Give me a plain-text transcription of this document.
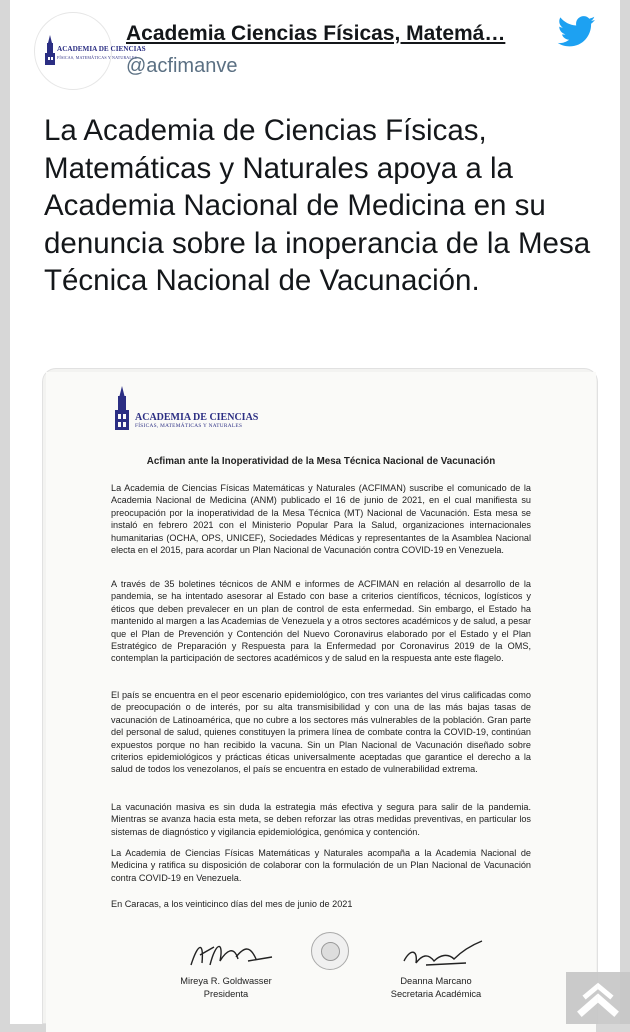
ACADEMIA DE CIENCIAS
FÍSICAS, MATEMÁTICAS Y NATURALES
Academia Ciencias Físicas, Matemá…
@acfimanve
La Academia de Ciencias Físicas, Matemáticas y Naturales apoya a la Academia Nacional de Medicina en su denuncia sobre la inoperancia de la Mesa Técnica Nacional de Vacunación.
ACADEMIA DE CIENCIAS
FÍSICAS, MATEMÁTICAS Y NATURALES
Acfiman ante la Inoperatividad de la Mesa Técnica Nacional de Vacunación

La Academia de Ciencias Físicas Matemáticas y Naturales (ACFIMAN) suscribe el comunicado de la Academia Nacional de Medicina (ANM) publicado el 16 de junio de 2021, en el cual manifiesta su preocupación por la inoperatividad de la Mesa Técnica (MT) Nacional de Vacunación. Esta mesa se instaló en febrero 2021 con el Ministerio Popular Para la Salud, organizaciones internacionales humanitarias (OCHA, OPS, UNICEF), Sociedades Médicas y representantes de la Asamblea Nacional electa en el 2015, para acordar un Plan Nacional de Vacunación contra COVID-19 en Venezuela.

A través de 35 boletines técnicos de ANM e informes de ACFIMAN en relación al desarrollo de la pandemia, se ha intentado asesorar al Estado con base a criterios científicos, técnicos, logísticos y éticos que deben prevalecer en un plan de control de esta enfermedad. Sin embargo, el Estado ha mantenido al margen a las Academias de Venezuela y a otros sectores académicos y de salud, a pesar que el Plan de Prevención y Contención del Nuevo Coronavirus elaborado por el Estado y el Plan Estratégico de Preparación y Respuesta para la Enfermedad por Coronavirus 2019 de la OMS, contemplan la participación de sectores académicos y de salud en la respuesta ante este flagelo.

El país se encuentra en el peor escenario epidemiológico, con tres variantes del virus calificadas como de preocupación o de interés, por su alta transmisibilidad y con una de las más bajas tasas de vacunación de Latinoamérica, que no cubre a los sectores más vulnerables de la población. Gran parte del personal de salud, quienes constituyen la primera línea de combate contra la COVID-19, continúan expuestos porque no han recibido la vacuna. Sin un Plan Nacional de Vacunación diseñado sobre criterios epidemiológicos y prácticas éticas universalmente aceptadas que garantice el derecho a la salud de todos los venezolanos, el país se encuentra en estado de vulnerabilidad extrema.

La vacunación masiva es sin duda la estrategia más efectiva y segura para salir de la pandemia. Mientras se avanza hacia esta meta, se deben reforzar las otras medidas preventivas, en particular los sistemas de diagnóstico y vigilancia epidemiológica, genómica y contención.

La Academia de Ciencias Físicas Matemáticas y Naturales acompaña a la Academia Nacional de Medicina y ratifica su disposición de colaborar con la formulación de un Plan Nacional de Vacunación contra COVID-19 en Venezuela.

En Caracas, a los veinticinco días del mes de junio de 2021

Mireya R. Goldwasser
Presidenta
Deanna Marcano
Secretaria Académica
